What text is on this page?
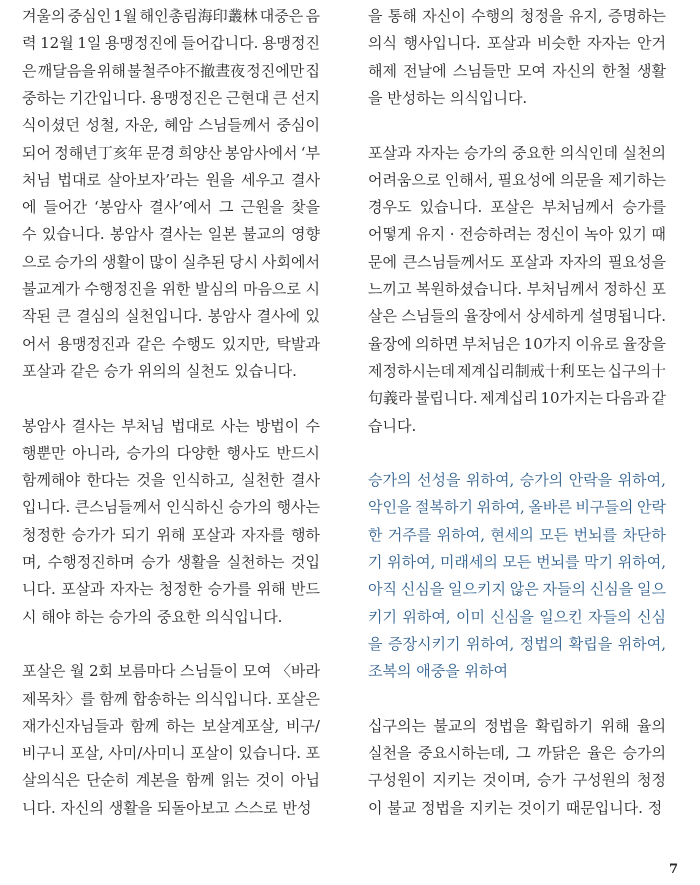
겨울의 중심인 1월 해인총림海印叢林 대중은 음
력 12월 1일 용맹정진에 들어갑니다. 용맹정진
은 깨달음을 위해 불철주야不撤晝夜 정진에만 집
중하는 기간입니다. 용맹정진은 근현대 큰 선지
식이셨던 성철, 자운, 혜암 스님들께서 중심이
되어 정해년丁亥年 문경 희양산 봉암사에서 ‘부
처님 법대로 살아보자’라는 원을 세우고 결사
에 들어간 ‘봉암사 결사’에서 그 근원을 찾을
수 있습니다. 봉암사 결사는 일본 불교의 영향
으로 승가의 생활이 많이 실추된 당시 사회에서
불교계가 수행정진을 위한 발심의 마음으로 시
작된 큰 결심의 실천입니다. 봉암사 결사에 있
어서 용맹정진과 같은 수행도 있지만, 탁발과
포살과 같은 승가 위의의 실천도 있습니다.
봉암사 결사는 부처님 법대로 사는 방법이 수
행뿐만 아니라, 승가의 다양한 행사도 반드시
함께해야 한다는 것을 인식하고, 실천한 결사
입니다. 큰스님들께서 인식하신 승가의 행사는
청정한 승가가 되기 위해 포살과 자자를 행하
며, 수행정진하며 승가 생활을 실천하는 것입
니다. 포살과 자자는 청정한 승가를 위해 반드
시 해야 하는 승가의 중요한 의식입니다.
포살은 월 2회 보름마다 스님들이 모여 〈바라
제목차〉를 함께 합송하는 의식입니다. 포살은
재가신자님들과 함께 하는 보살계포살, 비구/
비구니 포살, 사미/사미니 포살이 있습니다. 포
살의식은 단순히 계본을 함께 읽는 것이 아닙
니다. 자신의 생활을 되돌아보고 스스로 반성
을 통해 자신이 수행의 청정을 유지, 증명하는
의식 행사입니다. 포살과 비슷한 자자는 안거
해제 전날에 스님들만 모여 자신의 한철 생활
을 반성하는 의식입니다.
포살과 자자는 승가의 중요한 의식인데 실천의
어려움으로 인해서, 필요성에 의문을 제기하는
경우도 있습니다. 포살은 부처님께서 승가를
어떻게 유지 · 전승하려는 정신이 녹아 있기 때
문에 큰스님들께서도 포살과 자자의 필요성을
느끼고 복원하셨습니다. 부처님께서 정하신 포
살은 스님들의 율장에서 상세하게 설명됩니다.
율장에 의하면 부처님은 10가지 이유로 율장을
제정하시는데 제계십리制戒十利 또는 십구의十
句義라 불립니다. 제계십리 10가지는 다음과 같
습니다.
승가의 선성을 위하여, 승가의 안락을 위하여,
악인을 절복하기 위하여, 올바른 비구들의 안락
한 거주를 위하여, 현세의 모든 번뇌를 차단하
기 위하여, 미래세의 모든 번뇌를 막기 위하여,
아직 신심을 일으키지 않은 자들의 신심을 일으
키기 위하여, 이미 신심을 일으킨 자들의 신심
을 증장시키기 위하여, 정법의 확립을 위하여,
조복의 애중을 위하여
십구의는 불교의 정법을 확립하기 위해 율의
실천을 중요시하는데, 그 까닭은 율은 승가의
구성원이 지키는 것이며, 승가 구성원의 청정
이 불교 정법을 지키는 것이기 때문입니다. 정
7
